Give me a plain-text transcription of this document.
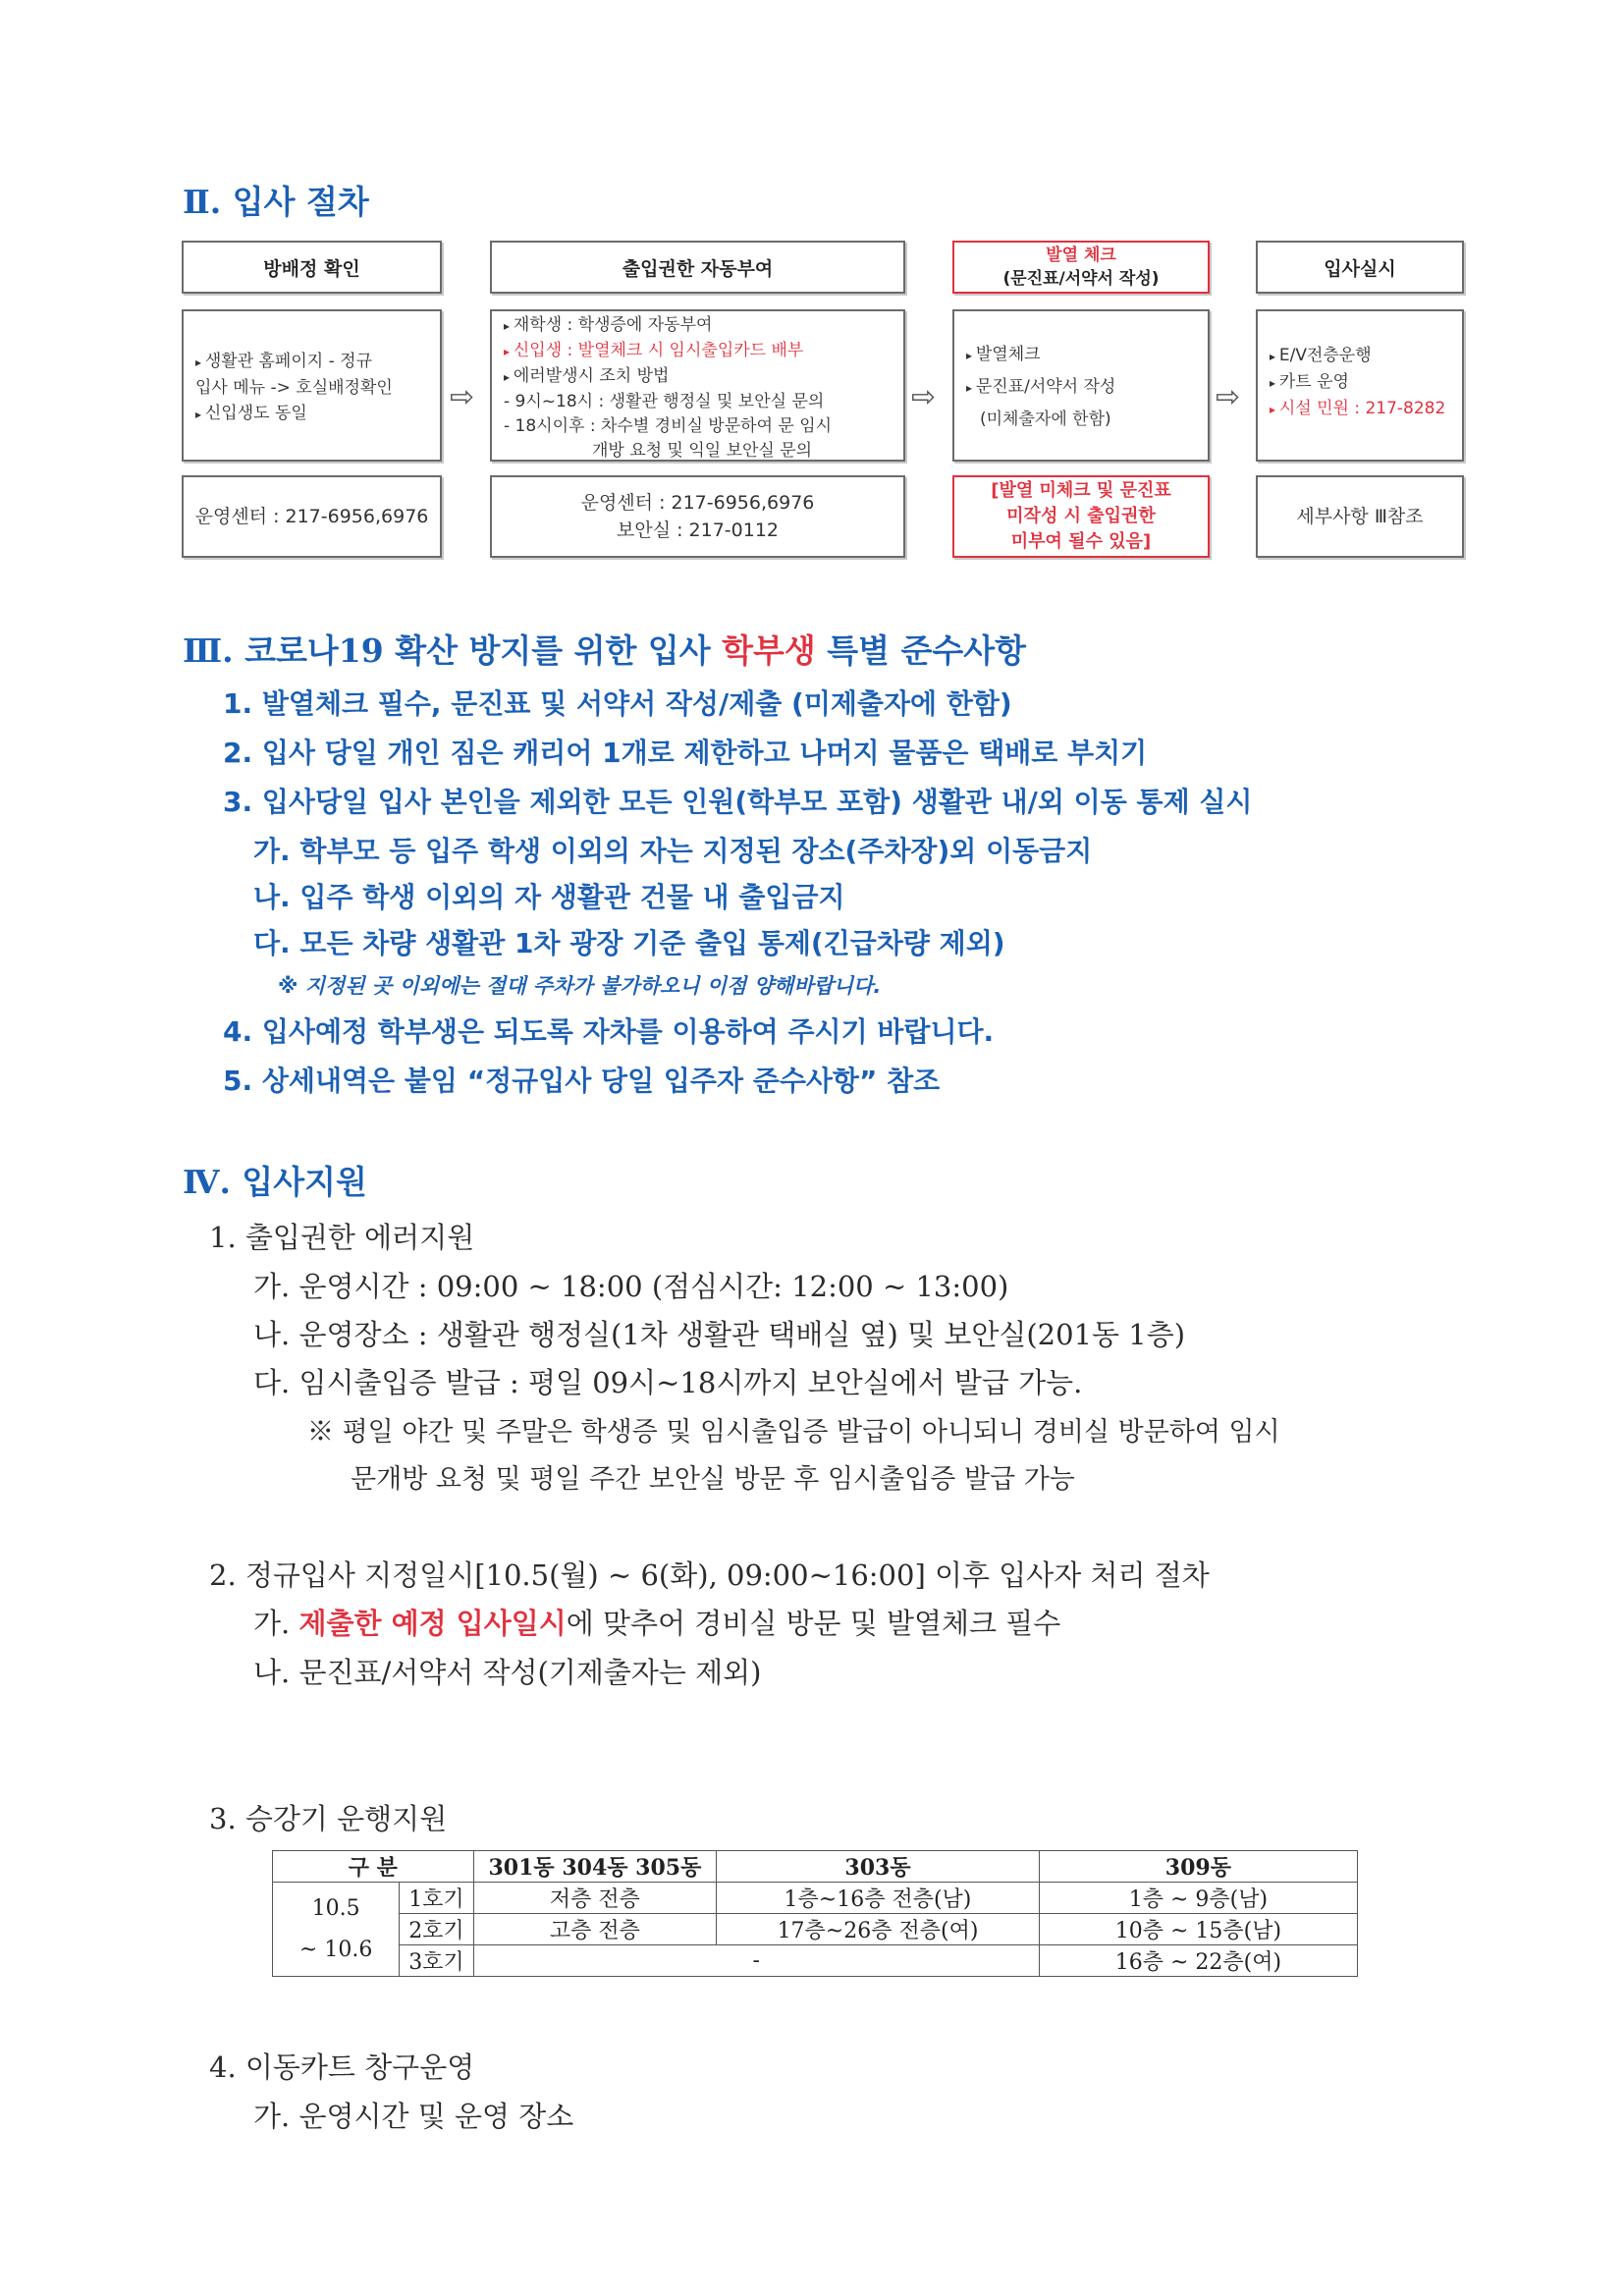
Ⅱ. 입사 절차
방배정 확인
▸ 생활관 홈페이지 - 정규
입사 메뉴 -> 호실배정확인
▸ 신입생도 동일
운영센터 : 217-6956,6976
⇨
출입권한 자동부여
▸ 재학생 : 학생증에 자동부여
▸ 신입생 : 발열체크 시 임시출입카드 배부
▸ 에러발생시 조치 방법
- 9시~18시 : 생활관 행정실 및 보안실 문의
- 18시이후 : 차수별 경비실 방문하여 문 임시
개방 요청 및 익일 보안실 문의
운영센터 : 217-6956,6976
보안실 : 217-0112
⇨
발열 체크
(문진표/서약서 작성)
▸ 발열체크
▸ 문진표/서약서 작성
(미체출자에 한함)
[발열 미체크 및 문진표
미작성 시 출입권한
미부여 될수 있음]
⇨
입사실시
▸ E/V전층운행
▸ 카트 운영
▸ 시설 민원 : 217-8282
세부사항 Ⅲ참조
Ⅲ. 코로나19 확산 방지를 위한 입사 학부생 특별 준수사항
1. 발열체크 필수, 문진표 및 서약서 작성/제출 (미제출자에 한함)
2. 입사 당일 개인 짐은 캐리어 1개로 제한하고 나머지 물품은 택배로 부치기
3. 입사당일 입사 본인을 제외한 모든 인원(학부모 포함) 생활관 내/외 이동 통제 실시
가. 학부모 등 입주 학생 이외의 자는 지정된 장소(주차장)외 이동금지
나. 입주 학생 이외의 자 생활관 건물 내 출입금지
다. 모든 차량 생활관 1차 광장 기준 출입 통제(긴급차량 제외)
※ 지정된 곳 이외에는 절대 주차가 불가하오니 이점 양해바랍니다.
4. 입사예정 학부생은 되도록 자차를 이용하여 주시기 바랍니다.
5. 상세내역은 붙임 “정규입사 당일 입주자 준수사항” 참조
Ⅳ. 입사지원
1. 출입권한 에러지원
가. 운영시간 : 09:00 ~ 18:00 (점심시간: 12:00 ~ 13:00)
나. 운영장소 : 생활관 행정실(1차 생활관 택배실 옆) 및 보안실(201동 1층)
다. 임시출입증 발급 : 평일 09시~18시까지 보안실에서 발급 가능.
※ 평일 야간 및 주말은 학생증 및 임시출입증 발급이 아니되니 경비실 방문하여 임시
문개방 요청 및 평일 주간 보안실 방문 후 임시출입증 발급 가능
2. 정규입사 지정일시[10.5(월) ~ 6(화), 09:00~16:00] 이후 입사자 처리 절차
가. 제출한 예정 입사일시에 맞추어 경비실 방문 및 발열체크 필수
나. 문진표/서약서 작성(기제출자는 제외)
3. 승강기 운행지원
구 분		301동 304동 305동	303동	309동

10.5
~ 10.6	1호기	저층 전층	1층~16층 전층(남)	1층 ~ 9층(남)
	2호기	고층 전층	17층~26층 전층(여)	10층 ~ 15층(남)
	3호기	-		16층 ~ 22층(여)
4. 이동카트 창구운영
가. 운영시간 및 운영 장소
